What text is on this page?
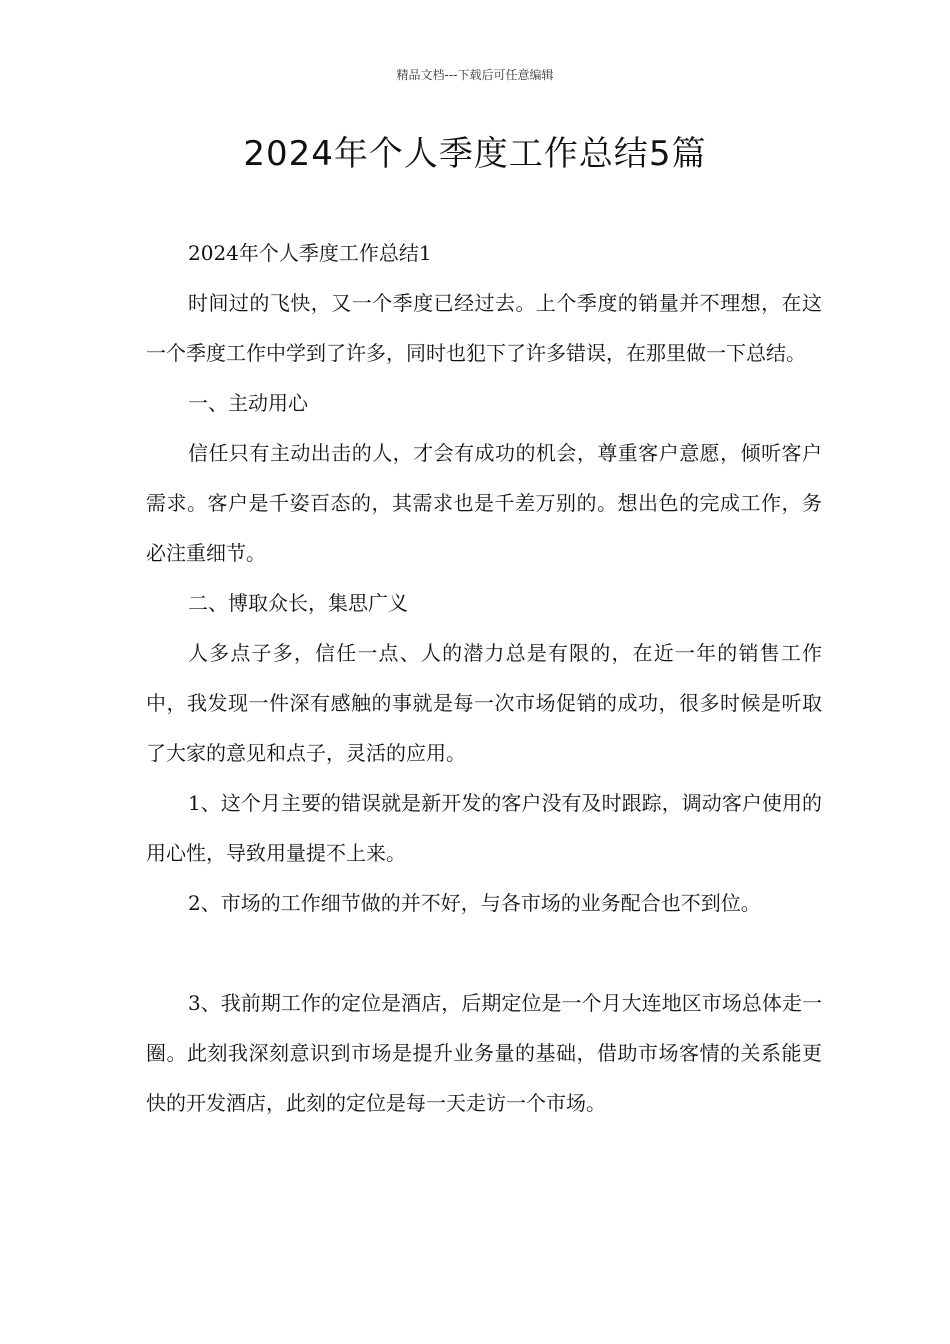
精品文档---下载后可任意编辑
2024年个人季度工作总结5篇

2024年个人季度工作总结1

时间过的飞快，又一个季度已经过去。上个季度的销量并不理想，在这一个季度工作中学到了许多，同时也犯下了许多错误，在那里做一下总结。

一、主动用心

信任只有主动出击的人，才会有成功的机会，尊重客户意愿，倾听客户需求。客户是千姿百态的，其需求也是千差万别的。想出色的完成工作，务必注重细节。

二、博取众长，集思广义

人多点子多，信任一点、人的潜力总是有限的，在近一年的销售工作中，我发现一件深有感触的事就是每一次市场促销的成功，很多时候是听取了大家的意见和点子，灵活的应用。

1、这个月主要的错误就是新开发的客户没有及时跟踪，调动客户使用的用心性，导致用量提不上来。

2、市场的工作细节做的并不好，与各市场的业务配合也不到位。

3、我前期工作的定位是酒店，后期定位是一个月大连地区市场总体走一圈。此刻我深刻意识到市场是提升业务量的基础，借助市场客情的关系能更快的开发酒店，此刻的定位是每一天走访一个市场。
